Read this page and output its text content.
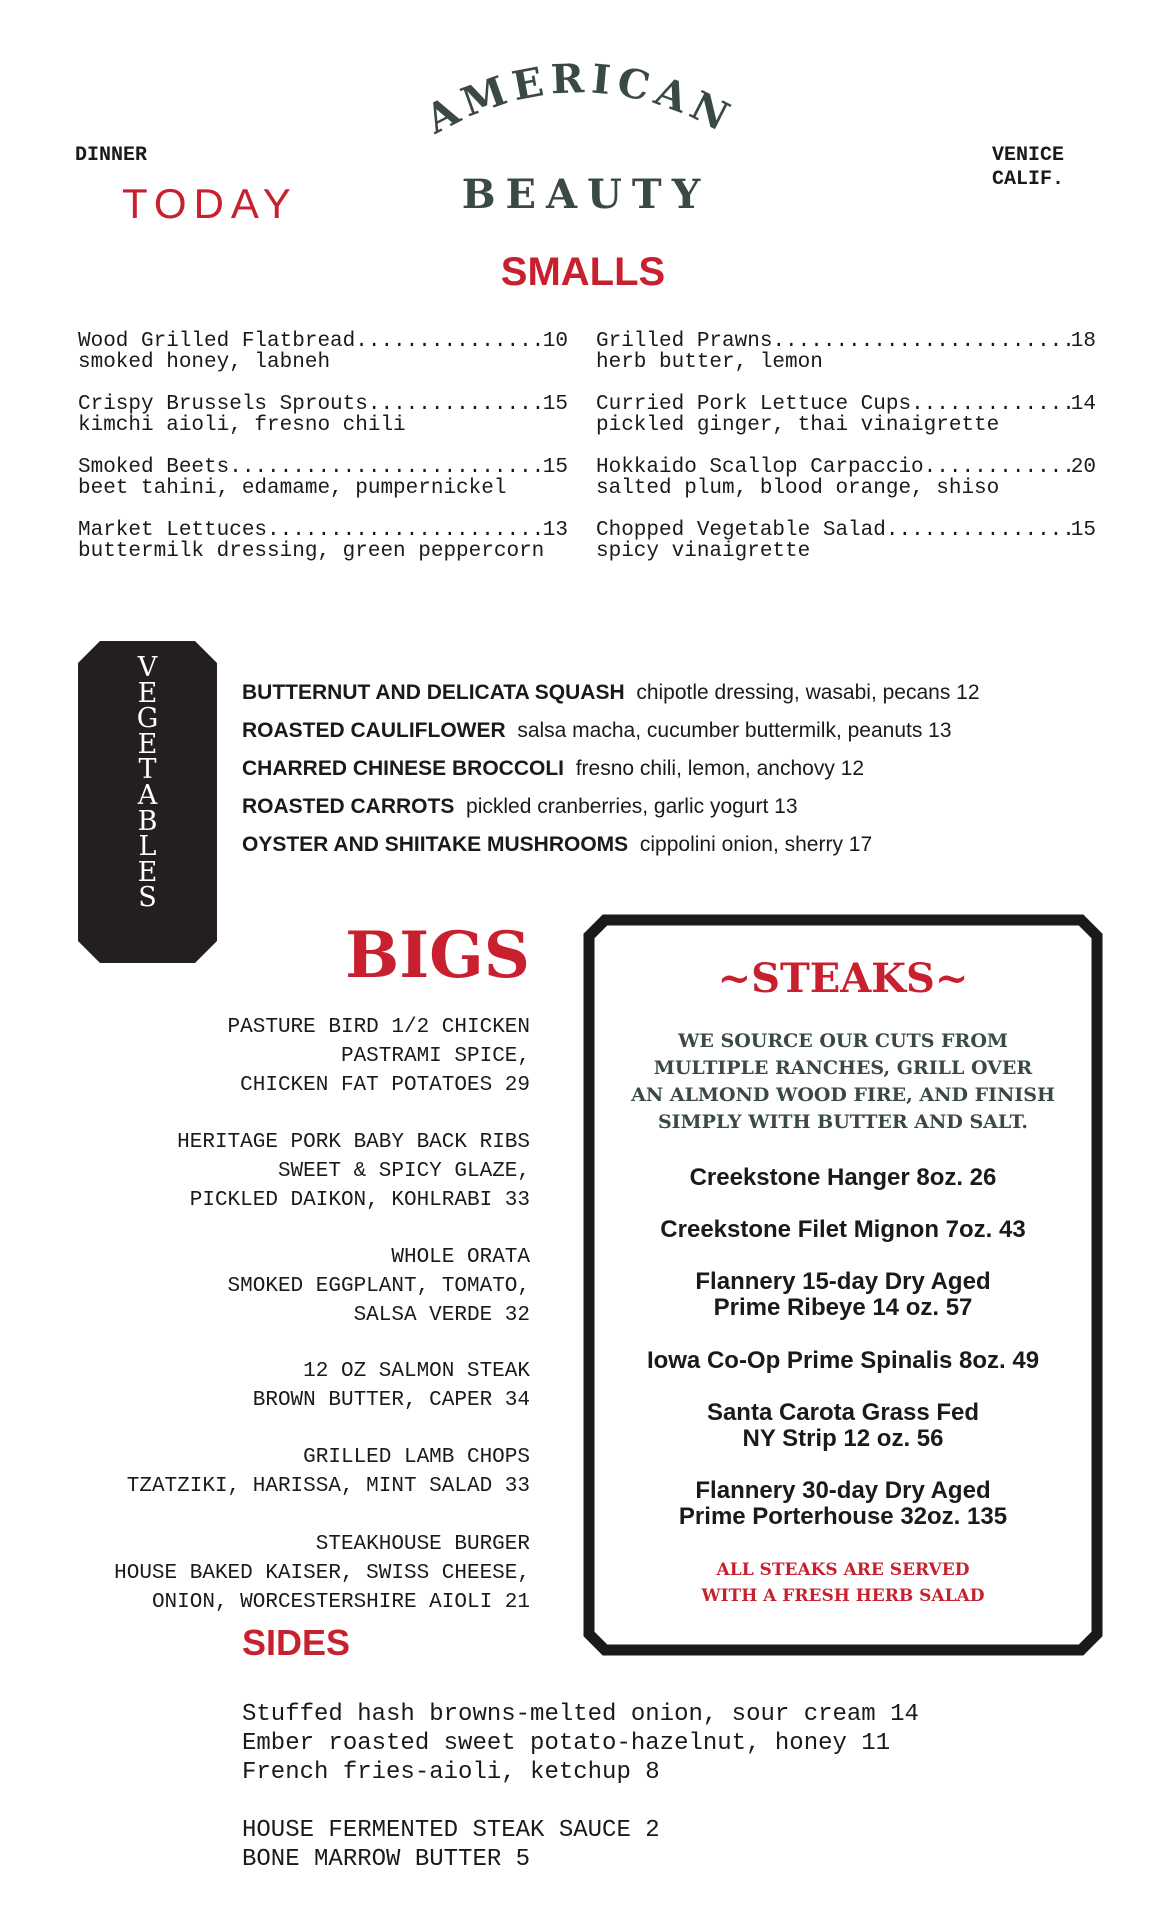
DINNER
TODAY
VENICE
CALIF.
AMERICAN
BEAUTY
SMALLS
Wood Grilled Flatbread .....	10
smoked honey, labneh
Crispy Brussels Sprouts .....	15
kimchi aioli, fresno chili
Smoked Beets .....	15
beet tahini, edamame, pumpernickel
Market Lettuces .....	13
buttermilk dressing, green peppercorn
Grilled Prawns .....	18
herb butter, lemon
Curried Pork Lettuce Cups .....	14
pickled ginger, thai vinaigrette
Hokkaido Scallop Carpaccio .....	20
salted plum, blood orange, shiso
Chopped Vegetable Salad .....	15
spicy vinaigrette
V
E
G
E
T
A
B
L
E
S
BUTTERNUT AND DELICATA SQUASH chipotle dressing, wasabi, pecans 12
ROASTED CAULIFLOWER salsa macha, cucumber buttermilk, peanuts 13
CHARRED CHINESE BROCCOLI fresno chili, lemon, anchovy 12
ROASTED CARROTS pickled cranberries, garlic yogurt 13
OYSTER AND SHIITAKE MUSHROOMS cippolini onion, sherry 17
BIGS
PASTURE BIRD 1/2 CHICKEN
PASTRAMI SPICE,
CHICKEN FAT POTATOES 29
HERITAGE PORK BABY BACK RIBS
SWEET & SPICY GLAZE,
PICKLED DAIKON, KOHLRABI 33
WHOLE ORATA
SMOKED EGGPLANT, TOMATO,
SALSA VERDE 32
12 OZ SALMON STEAK
BROWN BUTTER, CAPER 34
GRILLED LAMB CHOPS
TZATZIKI, HARISSA, MINT SALAD 33
STEAKHOUSE BURGER
HOUSE BAKED KAISER, SWISS CHEESE,
ONION, WORCESTERSHIRE AIOLI 21
~STEAKS~
WE SOURCE OUR CUTS FROM
MULTIPLE RANCHES, GRILL OVER
AN ALMOND WOOD FIRE, AND FINISH
SIMPLY WITH BUTTER AND SALT.
Creekstone Hanger 8oz. 26
Creekstone Filet Mignon 7oz. 43
Flannery 15-day Dry Aged
Prime Ribeye 14 oz. 57
Iowa Co-Op Prime Spinalis 8oz. 49
Santa Carota Grass Fed
NY Strip 12 oz. 56
Flannery 30-day Dry Aged
Prime Porterhouse 32oz. 135
ALL STEAKS ARE SERVED
WITH A FRESH HERB SALAD
SIDES
Stuffed hash browns-melted onion, sour cream 14
Ember roasted sweet potato-hazelnut, honey 11
French fries-aioli, ketchup 8
HOUSE FERMENTED STEAK SAUCE 2
BONE MARROW BUTTER 5
